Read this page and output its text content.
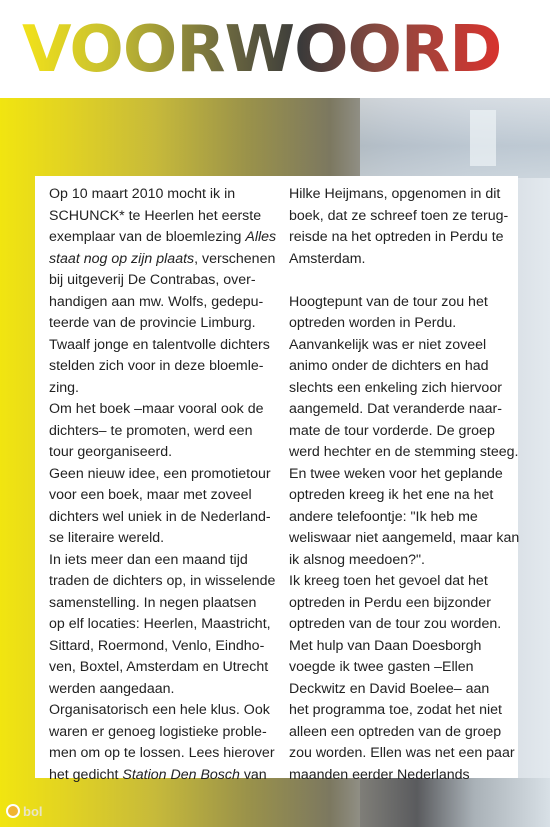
VOORWOORD
Op 10 maart 2010 mocht ik in
SCHUNCK* te Heerlen het eerste
exemplaar van de bloemlezing Alles
staat nog op zijn plaats, verschenen
bij uitgeverij De Contrabas, over-
handigen aan mw. Wolfs, gedepu-
teerde van de provincie Limburg.
Twaalf jonge en talentvolle dichters
stelden zich voor in deze bloemle-
zing.
Om het boek –maar vooral ook de
dichters– te promoten, werd een
tour georganiseerd.
Geen nieuw idee, een promotietour
voor een boek, maar met zoveel
dichters wel uniek in de Nederland-
se literaire wereld.
In iets meer dan een maand tijd
traden de dichters op, in wisselende
samenstelling. In negen plaatsen
op elf locaties: Heerlen, Maastricht,
Sittard, Roermond, Venlo, Eindho-
ven, Boxtel, Amsterdam en Utrecht
werden aangedaan.
Organisatorisch een hele klus. Ook
waren er genoeg logistieke proble-
men om op te lossen. Lees hierover
het gedicht Station Den Bosch van
Hilke Heijmans, opgenomen in dit
boek, dat ze schreef toen ze terug-
reisde na het optreden in Perdu te
Amsterdam.
Hoogtepunt van de tour zou het
optreden worden in Perdu.
Aanvankelijk was er niet zoveel
animo onder de dichters en had
slechts een enkeling zich hiervoor
aangemeld. Dat veranderde naar-
mate de tour vorderde. De groep
werd hechter en de stemming steeg.
En twee weken voor het geplande
optreden kreeg ik het ene na het
andere telefoontje: "Ik heb me
weliswaar niet aangemeld, maar kan
ik alsnog meedoen?".
Ik kreeg toen het gevoel dat het
optreden in Perdu een bijzonder
optreden van de tour zou worden.
Met hulp van Daan Doesborgh
voegde ik twee gasten –Ellen
Deckwitz en David Boelee– aan
het programma toe, zodat het niet
alleen een optreden van de groep
zou worden. Ellen was net een paar
maanden eerder Nederlands
bol
